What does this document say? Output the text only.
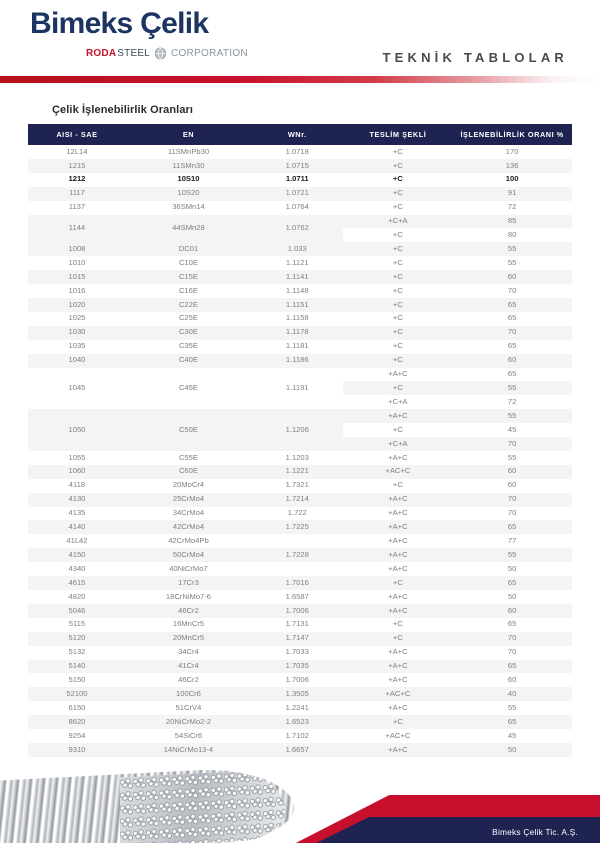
Bimeks Çelik
RODA STEEL CORPORATION	TEKNİK TABLOLAR
Çelik İşlenebilirlik Oranları
AISI - SAE	EN	WNr.	TESLİM ŞEKLİ	İŞLENEBİLİRLİK ORANI %
12L14	11SMnPb30	1.0718	+C	170
1215	11SMn30	1.0715	+C	136
1212	10S10	1.0711	+C	100
1117	10S20	1.0721	+C	91
1137	36SMn14	1.0764	+C	72
1144	44SMn28	1.0762	+C+A	85
			+C	80
1008	DC01	1.033	+C	55
1010	C10E	1.1121	+C	55
1015	C15E	1.1141	+C	60
1016	C16E	1.1148	+C	70
1020	C22E	1.1151	+C	65
1025	C25E	1.1158	+C	65
1030	C30E	1.1178	+C	70
1035	C35E	1.1181	+C	65
1040	C40E	1.1186	+C	60
1045	C45E	1.1191	+A+C	65
			+C	55
			+C+A	72
1050	C50E	1.1206	+A+C	55
			+C	45
			+C+A	70
1055	C55E	1.1203	+A+C	55
1060	C60E	1.1221	+AC+C	60
4118	20MoCr4	1.7321	+C	60
4130	25CrMo4	1.7214	+A+C	70
4135	34CrMo4	1.722	+A+C	70
4140	42CrMo4	1.7225	+A+C	65
41L42	42CrMo4Pb		+A+C	77
4150	50CrMo4	1.7228	+A+C	55
4340	40NiCrMo7		+A+C	50
4615	17Cr3	1.7016	+C	65
4820	18CrNiMo7-6	1.6587	+A+C	50
5046	46Cr2	1.7006	+A+C	60
5115	16MnCr5	1.7131	+C	65
5120	20MnCr5	1.7147	+C	70
5132	34Cr4	1.7033	+A+C	70
5140	41Cr4	1.7035	+A+C	65
5150	46Cr2	1.7006	+A+C	60
52100	100Cr6	1.3505	+AC+C	40
6150	51CrV4	1.2241	+A+C	55
8620	20NiCrMo2-2	1.6523	+C	65
9254	54SiCr6	1.7102	+AC+C	45
9310	14NiCrMo13-4	1.6657	+A+C	50
Bimeks Çelik Tic. A.Ş.
